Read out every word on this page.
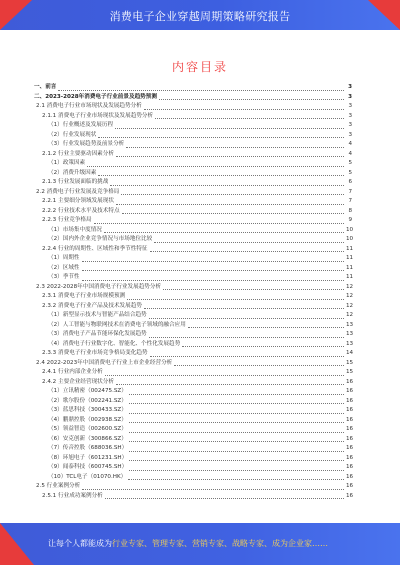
消费电子企业穿越周期策略研究报告
内容目录
一、前言	3
二、2023-2028年消费电子行业前景及趋势预测	3
2.1 消费电子行业市场现状及发展趋势分析	3
2.1.1 消费电子行业市场现状及发展趋势分析	3
（1）行业概述及发展历程	3
（2）行业发展现状	3
（3）行业发展趋势及前景分析	4
2.1.2 行业主要驱动因素分析	4
（1）政策因素	5
（2）消费升级因素	5
2.1.3 行业发展面临的挑战	6
2.2 消费电子行业发展及竞争格局	7
2.2.1 主要细分领域发展现状	7
2.2.2 行业技术水平及技术特点	8
2.2.3 行业竞争格局	9
（1）市场集中度情况	10
（2）国内外企业竞争情况与市场地位比较	10
2.2.4 行业的周期性、区域性和季节性特征	11
（1）周期性	11
（2）区域性	11
（3）季节性	11
2.3 2022-2028年中国消费电子行业发展趋势分析	12
2.3.1 消费电子行业市场规模预测	12
2.3.2 消费电子行业产品及技术发展趋势	12
（1）新型显示技术与智能产品结合趋势	12
（2）人工智能与物联网技术在消费电子领域的融合应用	13
（3）消费电子产品节能环保化发展趋势	13
（4）消费电子行业数字化、智能化、个性化发展趋势	13
2.3.3 消费电子行业市场竞争格局变化趋势	14
2.4 2022-2023年中国消费电子行业上市企业经营分析	15
2.4.1 行业内部企业分析	15
2.4.2 主要企业经营现状分析	16
（1）立讯精密（002475.SZ）	16
（2）歌尔股份（002241.SZ）	16
（3）蓝思科技（300433.SZ）	16
（4）鹏鼎控股（002938.SZ）	16
（5）领益智造（002600.SZ）	16
（6）安克创新（300866.SZ）	16
（7）传音控股（688036.SH）	16
（8）环旭电子（601231.SH）	16
（9）闻泰科技（600745.SH）	16
（10）TCL电子（01070.HK）	16
2.5 行业案例分析	16
2.5.1 行业成功案例分析	16
让每个人都能成为行业专家、管理专家、营销专家、战略专家、成为企业家……
